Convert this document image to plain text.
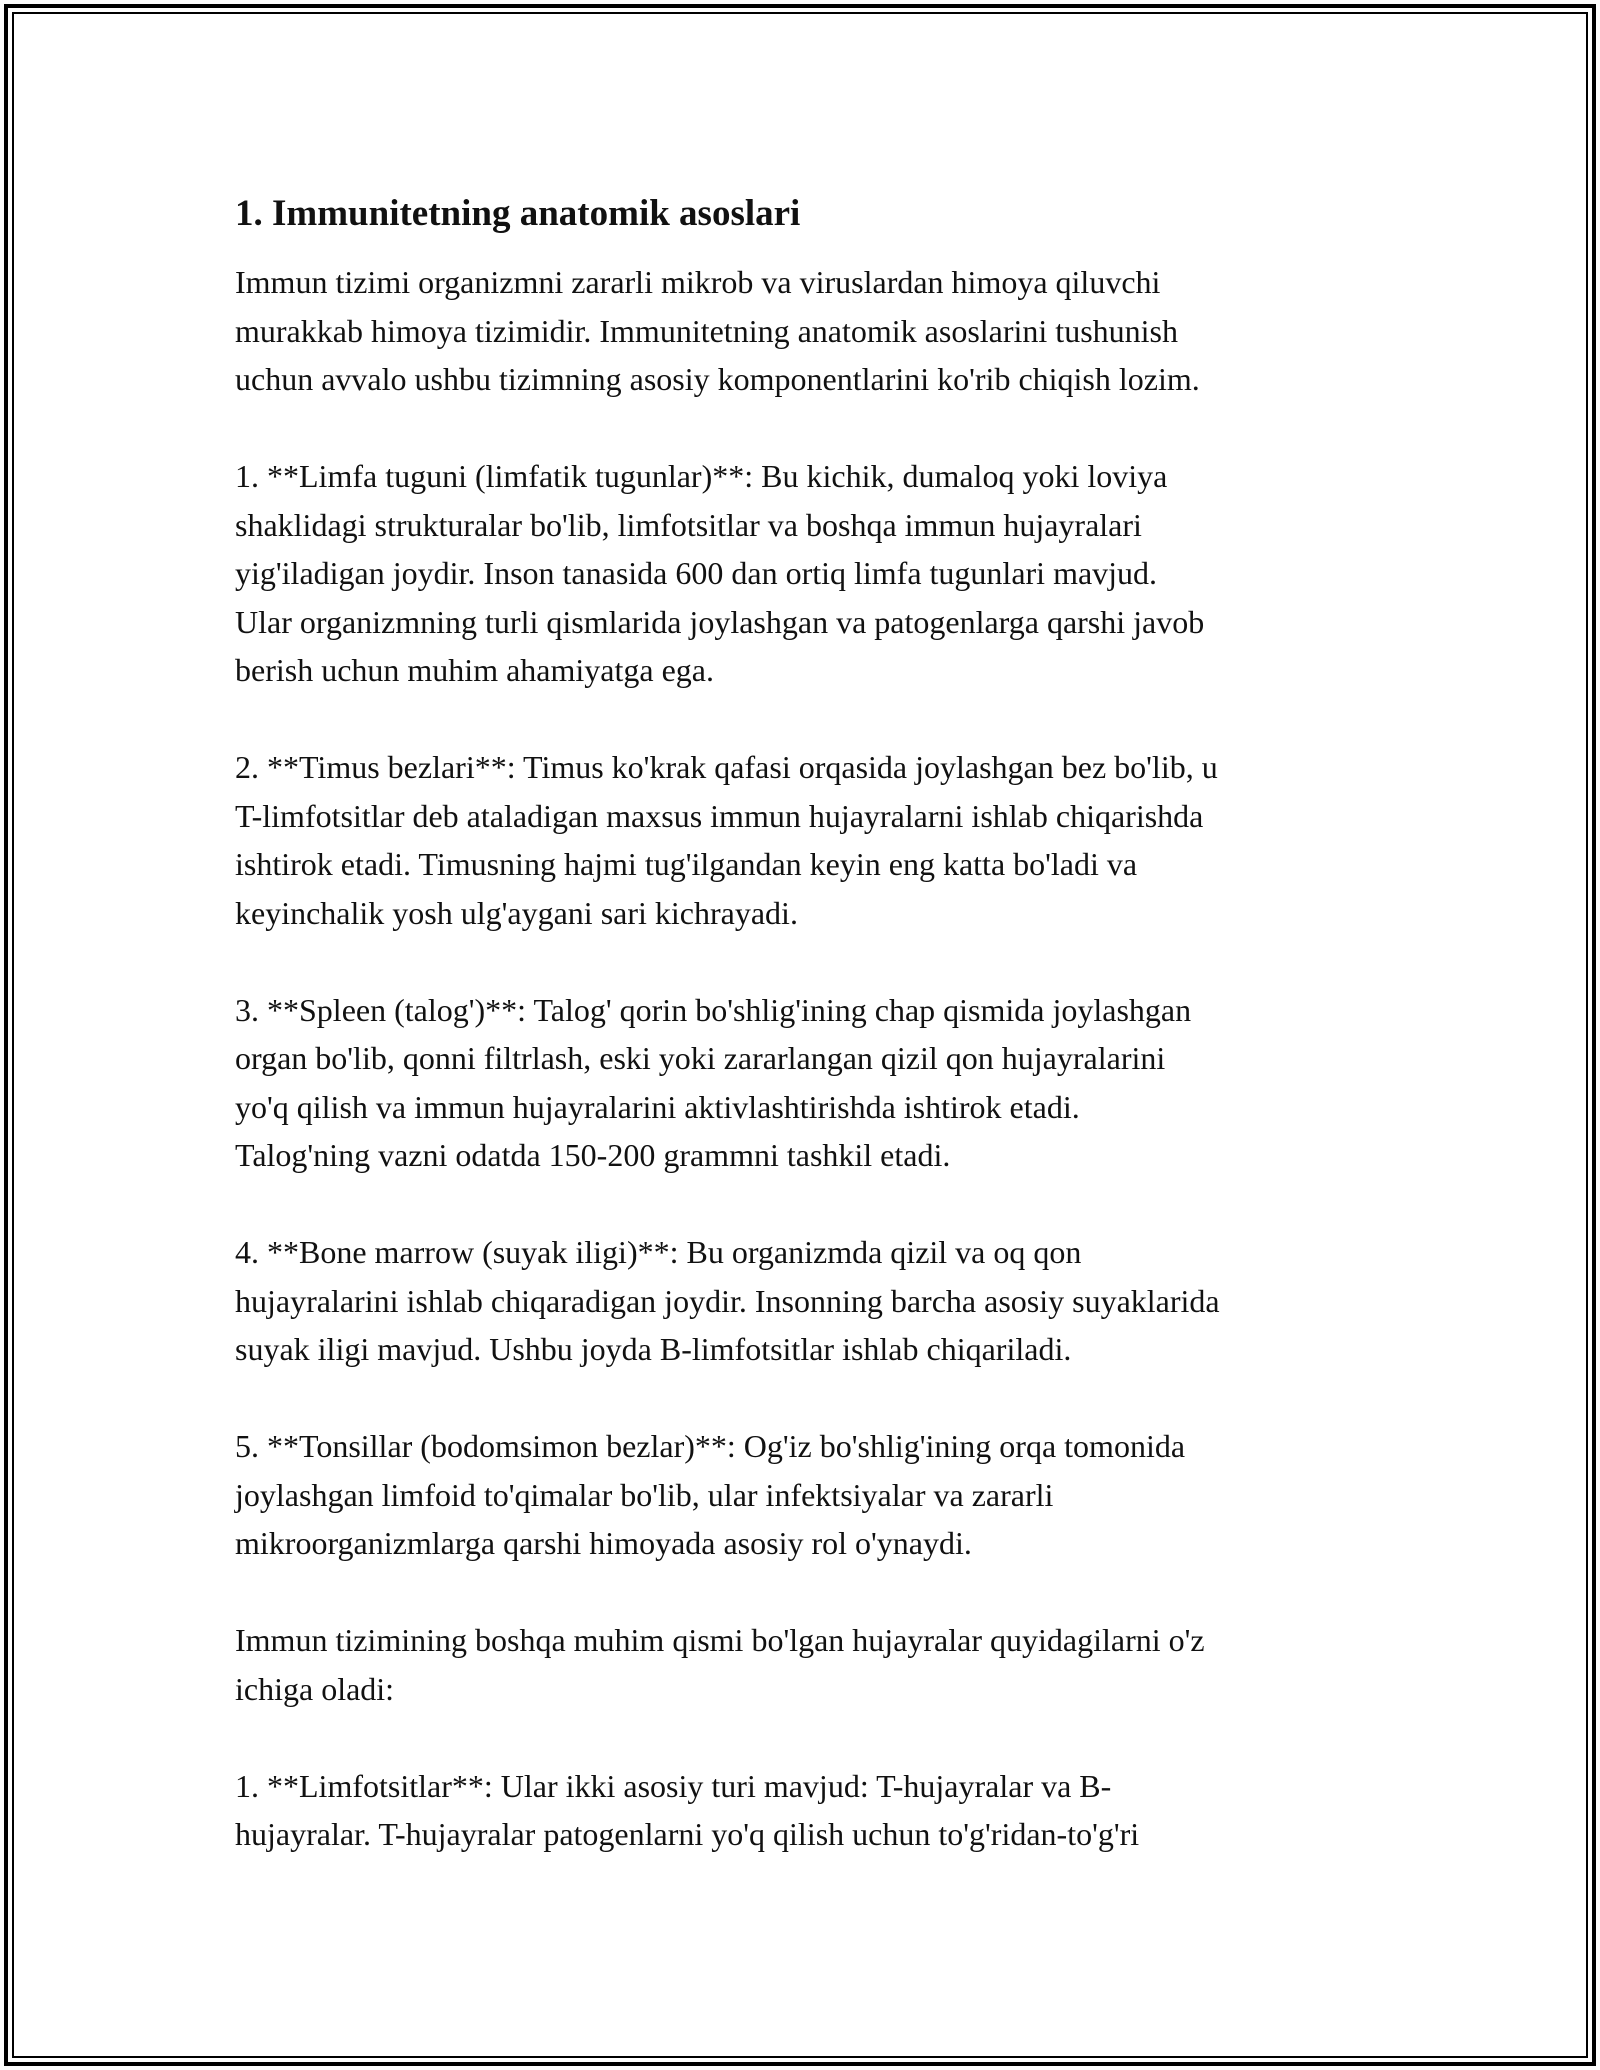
1. Immunitetning anatomik asoslari

Immun tizimi organizmni zararli mikrob va viruslardan himoya qiluvchi
murakkab himoya tizimidir. Immunitetning anatomik asoslarini tushunish
uchun avvalo ushbu tizimning asosiy komponentlarini ko'rib chiqish lozim.

1. **Limfa tuguni (limfatik tugunlar)**: Bu kichik, dumaloq yoki loviya
shaklidagi strukturalar bo'lib, limfotsitlar va boshqa immun hujayralari
yig'iladigan joydir. Inson tanasida 600 dan ortiq limfa tugunlari mavjud.
Ular organizmning turli qismlarida joylashgan va patogenlarga qarshi javob
berish uchun muhim ahamiyatga ega.

2. **Timus bezlari**: Timus ko'krak qafasi orqasida joylashgan bez bo'lib, u
T-limfotsitlar deb ataladigan maxsus immun hujayralarni ishlab chiqarishda
ishtirok etadi. Timusning hajmi tug'ilgandan keyin eng katta bo'ladi va
keyinchalik yosh ulg'aygani sari kichrayadi.

3. **Spleen (talog')**: Talog' qorin bo'shlig'ining chap qismida joylashgan
organ bo'lib, qonni filtrlash, eski yoki zararlangan qizil qon hujayralarini
yo'q qilish va immun hujayralarini aktivlashtirishda ishtirok etadi.
Talog'ning vazni odatda 150-200 grammni tashkil etadi.

4. **Bone marrow (suyak iligi)**: Bu organizmda qizil va oq qon
hujayralarini ishlab chiqaradigan joydir. Insonning barcha asosiy suyaklarida
suyak iligi mavjud. Ushbu joyda B-limfotsitlar ishlab chiqariladi.

5. **Tonsillar (bodomsimon bezlar)**: Og'iz bo'shlig'ining orqa tomonida
joylashgan limfoid to'qimalar bo'lib, ular infektsiyalar va zararli
mikroorganizmlarga qarshi himoyada asosiy rol o'ynaydi.

Immun tizimining boshqa muhim qismi bo'lgan hujayralar quyidagilarni o'z
ichiga oladi:

1. **Limfotsitlar**: Ular ikki asosiy turi mavjud: T-hujayralar va B-
hujayralar. T-hujayralar patogenlarni yo'q qilish uchun to'g'ridan-to'g'ri
